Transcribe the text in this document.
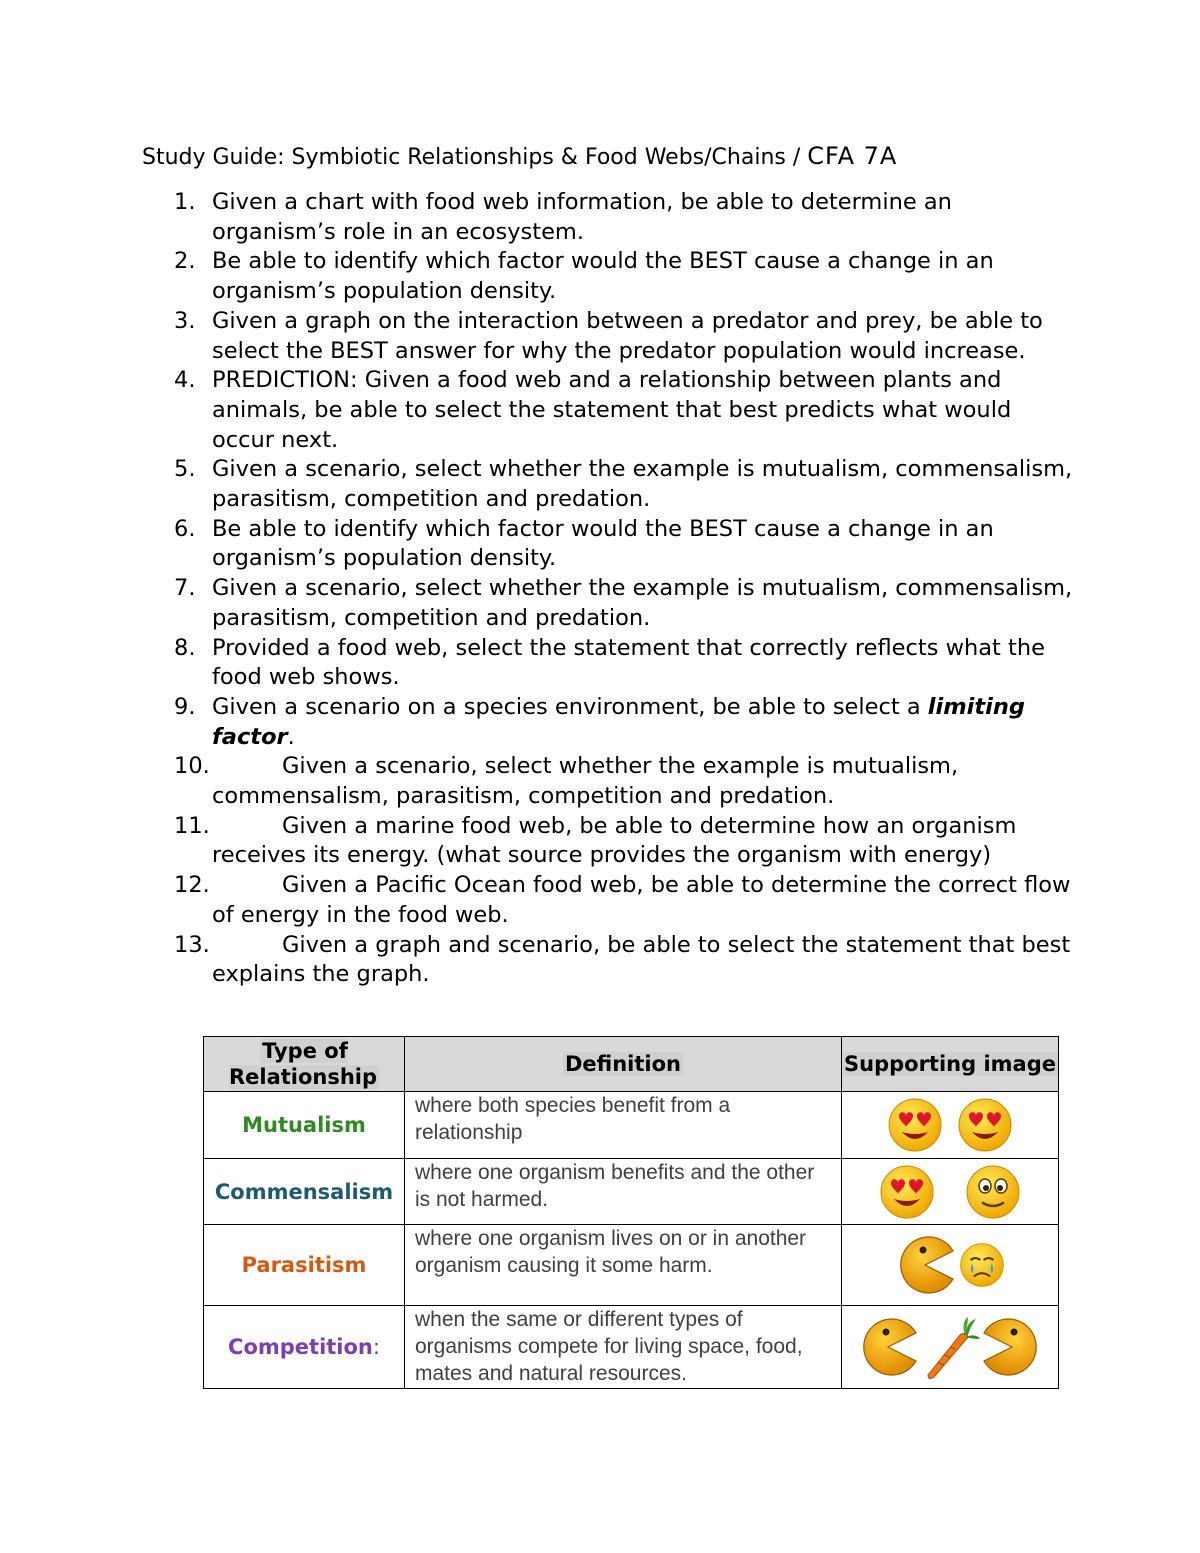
Study Guide: Symbiotic Relationships & Food Webs/Chains / CFA 7A
1. Given a chart with food web information, be able to determine an organism’s role in an ecosystem.
2. Be able to identify which factor would the BEST cause a change in an organism’s population density.
3. Given a graph on the interaction between a predator and prey, be able to select the BEST answer for why the predator population would increase.
4. PREDICTION: Given a food web and a relationship between plants and animals, be able to select the statement that best predicts what would occur next.
5. Given a scenario, select whether the example is mutualism, commensalism, parasitism, competition and predation.
6. Be able to identify which factor would the BEST cause a change in an organism’s population density.
7. Given a scenario, select whether the example is mutualism, commensalism, parasitism, competition and predation.
8. Provided a food web, select the statement that correctly reflects what the food web shows.
9. Given a scenario on a species environment, be able to select a limiting factor.
10.	Given a scenario, select whether the example is mutualism, commensalism, parasitism, competition and predation.
11.	Given a marine food web, be able to determine how an organism receives its energy. (what source provides the organism with energy)
12.	Given a Pacific Ocean food web, be able to determine the correct flow of energy in the food web.
13.	Given a graph and scenario, be able to select the statement that best explains the graph.
Type of Relationship	Definition	Supporting image
Mutualism	where both species benefit from a relationship	

Commensalism	where one organism benefits and the other is not harmed.	

Parasitism	where one organism lives on or in another organism causing it some harm.	

Competition:	when the same or different types of organisms compete for living space, food, mates and natural resources.	
